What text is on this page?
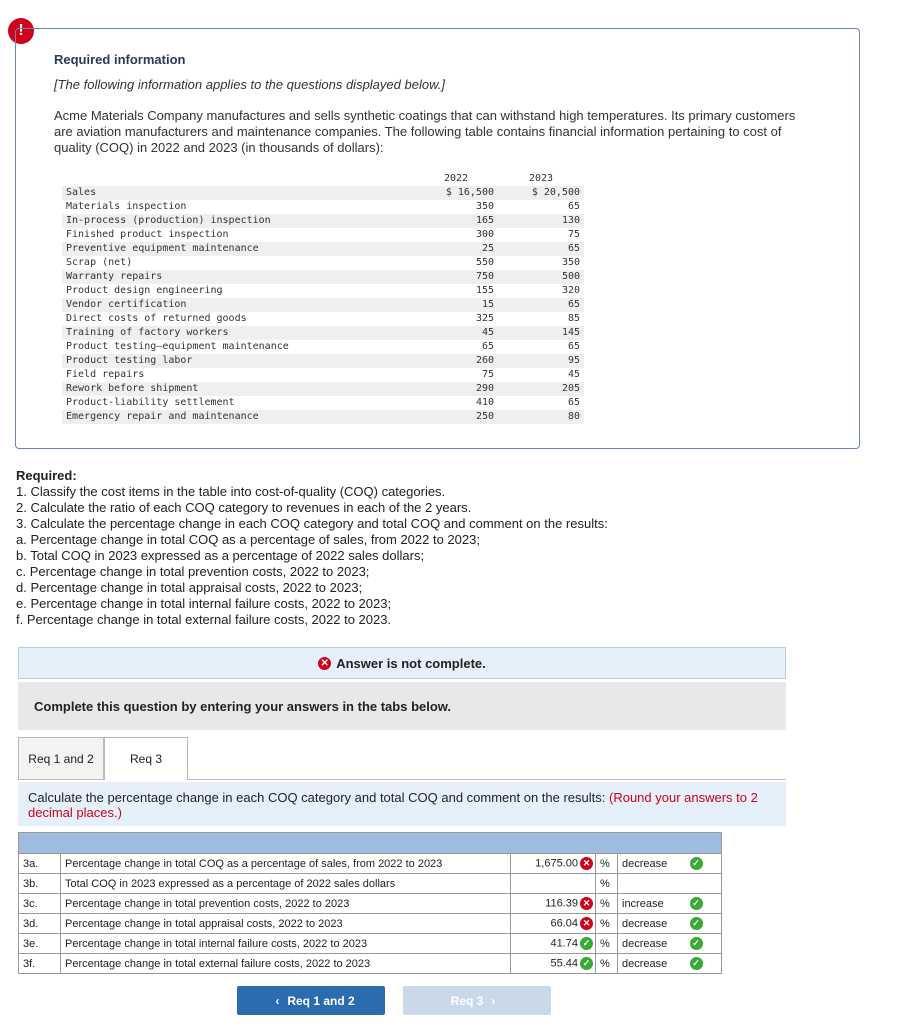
!
Required information
[The following information applies to the questions displayed below.]
Acme Materials Company manufactures and sells synthetic coatings that can withstand high temperatures. Its primary customers are aviation manufacturers and maintenance companies. The following table contains financial information pertaining to cost of quality (COQ) in 2022 and 2023 (in thousands of dollars):
	2022	2023
Sales	$ 16,500	$ 20,500
Materials inspection	350	65
In-process (production) inspection	165	130
Finished product inspection	300	75
Preventive equipment maintenance	25	65
Scrap (net)	550	350
Warranty repairs	750	500
Product design engineering	155	320
Vendor certification	15	65
Direct costs of returned goods	325	85
Training of factory workers	45	145
Product testing—equipment maintenance	65	65
Product testing labor	260	95
Field repairs	75	45
Rework before shipment	290	205
Product-liability settlement	410	65
Emergency repair and maintenance	250	80
Required:
1. Classify the cost items in the table into cost-of-quality (COQ) categories.
2. Calculate the ratio of each COQ category to revenues in each of the 2 years.
3. Calculate the percentage change in each COQ category and total COQ and comment on the results:
a. Percentage change in total COQ as a percentage of sales, from 2022 to 2023;
b. Total COQ in 2023 expressed as a percentage of 2022 sales dollars;
c. Percentage change in total prevention costs, 2022 to 2023;
d. Percentage change in total appraisal costs, 2022 to 2023;
e. Percentage change in total internal failure costs, 2022 to 2023;
f. Percentage change in total external failure costs, 2022 to 2023.
✕ Answer is not complete.
Complete this question by entering your answers in the tabs below.
Req 1 and 2	Req 3
Calculate the percentage change in each COQ category and total COQ and comment on the results: (Round your answers to 2 decimal places.)

3a.	Percentage change in total COQ as a percentage of sales, from 2022 to 2023	1,675.00 ✕	%	decrease	✓
3b.	Total COQ in 2023 expressed as a percentage of 2022 sales dollars		%		
3c.	Percentage change in total prevention costs, 2022 to 2023	116.39 ✕	%	increase	✓
3d.	Percentage change in total appraisal costs, 2022 to 2023	66.04 ✕	%	decrease	✓
3e.	Percentage change in total internal failure costs, 2022 to 2023	41.74 ✓	%	decrease	✓
3f.	Percentage change in total external failure costs, 2022 to 2023	55.44 ✓	%	decrease	✓
‹ Req 1 and 2	Req 3 ›
